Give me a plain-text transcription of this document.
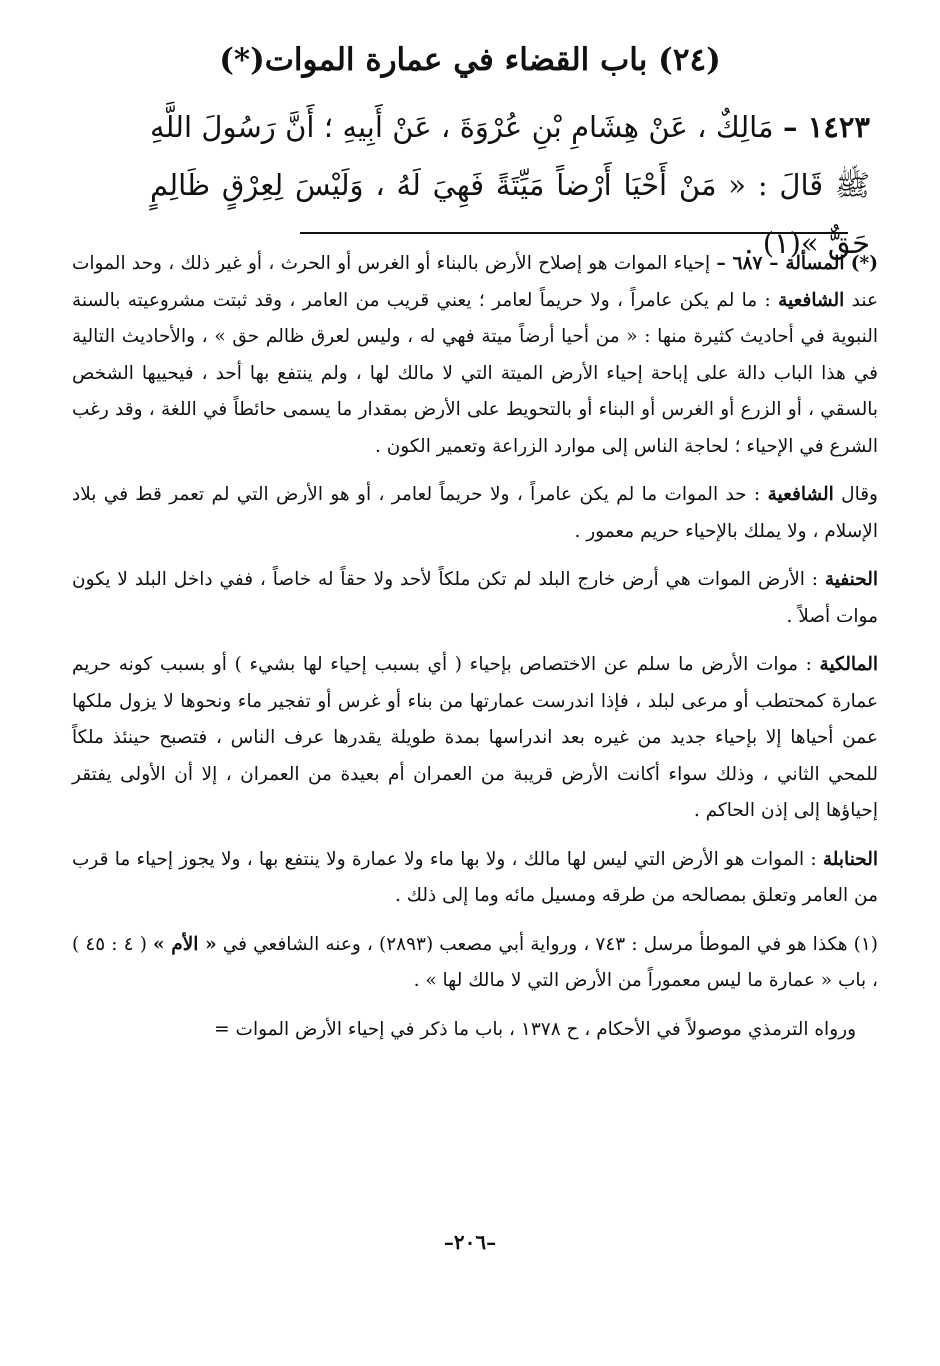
(٢٤) باب القضاء في عمارة الموات(*)
١٤٢٣ – مَالِكٌ ، عَنْ هِشَامِ بْنِ عُرْوَةَ ، عَنْ أَبِيهِ ؛ أَنَّ رَسُولَ اللَّهِ ﷺ قَالَ : « مَنْ أَحْيَا أَرْضاً مَيِّتَةً فَهِيَ لَهُ ، وَلَيْسَ لِعِرْقٍ ظَالِمٍ حَقٌّ »(١) .

(*) المسألة – ٦٨٧ – إحياء الموات هو إصلاح الأرض بالبناء أو الغرس أو الحرث ، أو غير ذلك ، وحد الموات عند الشافعية : ما لم يكن عامراً ، ولا حريماً لعامر ؛ يعني قريب من العامر ، وقد ثبتت مشروعيته بالسنة النبوية في أحاديث كثيرة منها : « من أحيا أرضاً ميتة فهي له ، وليس لعرق ظالم حق » ، والأحاديث التالية في هذا الباب دالة على إباحة إحياء الأرض الميتة التي لا مالك لها ، ولم ينتفع بها أحد ، فيحييها الشخص بالسقي ، أو الزرع أو الغرس أو البناء أو بالتحويط على الأرض بمقدار ما يسمى حائطاً في اللغة ، وقد رغب الشرع في الإحياء ؛ لحاجة الناس إلى موارد الزراعة وتعمير الكون .

وقال الشافعية : حد الموات ما لم يكن عامراً ، ولا حريماً لعامر ، أو هو الأرض التي لم تعمر قط في بلاد الإسلام ، ولا يملك بالإحياء حريم معمور .

الحنفية : الأرض الموات هي أرض خارج البلد لم تكن ملكاً لأحد ولا حقاً له خاصاً ، ففي داخل البلد لا يكون موات أصلاً .

المالكية : موات الأرض ما سلم عن الاختصاص بإحياء ( أي بسبب إحياء لها بشيء ) أو بسبب كونه حريم عمارة كمحتطب أو مرعى لبلد ، فإذا اندرست عمارتها من بناء أو غرس أو تفجير ماء ونحوها لا يزول ملكها عمن أحياها إلا بإحياء جديد من غيره بعد اندراسها بمدة طويلة يقدرها عرف الناس ، فتصبح حينئذ ملكاً للمحي الثاني ، وذلك سواء أكانت الأرض قريبة من العمران أم بعيدة من العمران ، إلا أن الأولى يفتقر إحياؤها إلى إذن الحاكم .

الحنابلة : الموات هو الأرض التي ليس لها مالك ، ولا بها ماء ولا عمارة ولا ينتفع بها ، ولا يجوز إحياء ما قرب من العامر وتعلق بمصالحه من طرقه ومسيل مائه وما إلى ذلك .

(١) هكذا هو في الموطأ مرسل : ٧٤٣ ، ورواية أبي مصعب (٢٨٩٣) ، وعنه الشافعي في « الأم » ( ٤ : ٤٥ ) ، باب « عمارة ما ليس معموراً من الأرض التي لا مالك لها » .

ورواه الترمذي موصولاً في الأحكام ، ح ١٣٧٨ ، باب ما ذكر في إحياء الأرض الموات =

–٢٠٦–
